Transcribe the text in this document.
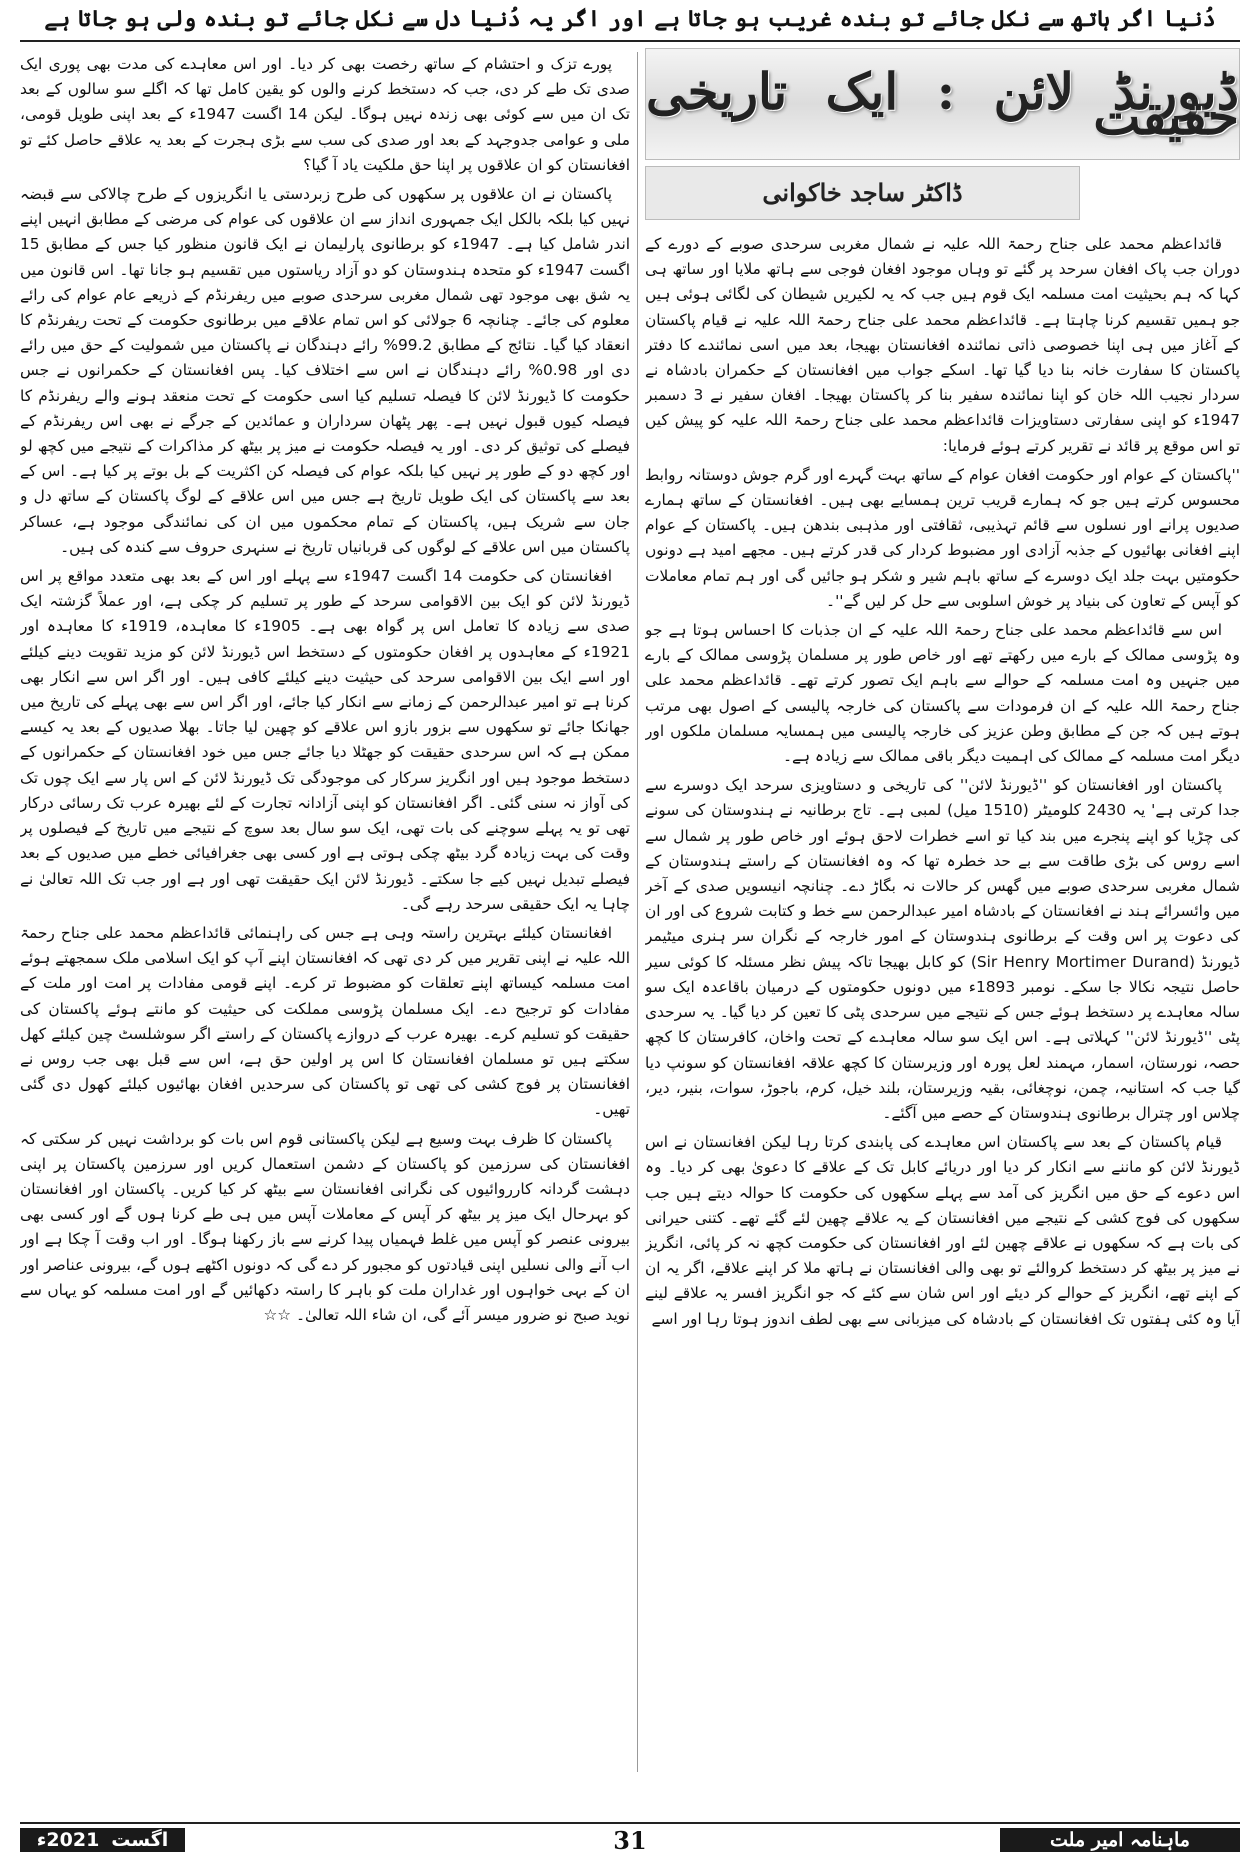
دُنیا اگر ہاتھ سے نکل جائے تو بندہ غریب ہو جاتا ہے اور اگر یہ دُنیا دل سے نکل جائے تو بندہ ولی ہو جاتا ہے
ڈیورنڈ لائن : ایک تاریخی حقیقت
ڈاکٹر ساجد خاکوانی

قائداعظم محمد علی جناح رحمۃ اللہ علیہ نے شمال مغربی سرحدی صوبے کے دورے کے دوران جب پاک افغان سرحد پر گئے تو وہاں موجود افغان فوجی سے ہاتھ ملایا اور ساتھ ہی کہا کہ ہم بحیثیت امت مسلمہ ایک قوم ہیں جب کہ یہ لکیریں شیطان کی لگائی ہوئی ہیں جو ہمیں تقسیم کرنا چاہتا ہے۔ قائداعظم محمد علی جناح رحمۃ اللہ علیہ نے قیام پاکستان کے آغاز میں ہی اپنا خصوصی ذاتی نمائندہ افغانستان بھیجا، بعد میں اسی نمائندے کا دفتر پاکستان کا سفارت خانہ بنا دیا گیا تھا۔ اسکے جواب میں افغانستان کے حکمران بادشاہ نے سردار نجیب اللہ خان کو اپنا نمائندہ سفیر بنا کر پاکستان بھیجا۔ افغان سفیر نے 3 دسمبر 1947ء کو اپنی سفارتی دستاویزات قائداعظم محمد علی جناح رحمۃ اللہ علیہ کو پیش کیں تو اس موقع پر قائد نے تقریر کرتے ہوئے فرمایا:

''پاکستان کے عوام اور حکومت افغان عوام کے ساتھ بہت گہرے اور گرم جوش دوستانہ روابط محسوس کرتے ہیں جو کہ ہمارے قریب ترین ہمسایے بھی ہیں۔ افغانستان کے ساتھ ہمارے صدیوں پرانے اور نسلوں سے قائم تہذیبی، ثقافتی اور مذہبی بندھن ہیں۔ پاکستان کے عوام اپنے افغانی بھائیوں کے جذبہ آزادی اور مضبوط کردار کی قدر کرتے ہیں۔ مجھے امید ہے دونوں حکومتیں بہت جلد ایک دوسرے کے ساتھ باہم شیر و شکر ہو جائیں گی اور ہم تمام معاملات کو آپس کے تعاون کی بنیاد پر خوش اسلوبی سے حل کر لیں گے''۔

اس سے قائداعظم محمد علی جناح رحمۃ اللہ علیہ کے ان جذبات کا احساس ہوتا ہے جو وہ پڑوسی ممالک کے بارے میں رکھتے تھے اور خاص طور پر مسلمان پڑوسی ممالک کے بارے میں جنہیں وہ امت مسلمہ کے حوالے سے باہم ایک تصور کرتے تھے۔ قائداعظم محمد علی جناح رحمۃ اللہ علیہ کے ان فرمودات سے پاکستان کی خارجہ پالیسی کے اصول بھی مرتب ہوتے ہیں کہ جن کے مطابق وطن عزیز کی خارجہ پالیسی میں ہمسایہ مسلمان ملکوں اور دیگر امت مسلمہ کے ممالک کی اہمیت دیگر باقی ممالک سے زیادہ ہے۔

پاکستان اور افغانستان کو ''ڈیورنڈ لائن'' کی تاریخی و دستاویزی سرحد ایک دوسرے سے جدا کرتی ہے' یہ 2430 کلومیٹر (1510 میل) لمبی ہے۔ تاج برطانیہ نے ہندوستان کی سونے کی چڑیا کو اپنے پنجرے میں بند کیا تو اسے خطرات لاحق ہوئے اور خاص طور پر شمال سے اسے روس کی بڑی طاقت سے بے حد خطرہ تھا کہ وہ افغانستان کے راستے ہندوستان کے شمال مغربی سرحدی صوبے میں گھس کر حالات نہ بگاڑ دے۔ چنانچہ انیسویں صدی کے آخر میں وائسرائے ہند نے افغانستان کے بادشاہ امیر عبدالرحمن سے خط و کتابت شروع کی اور ان کی دعوت پر اس وقت کے برطانوی ہندوستان کے امور خارجہ کے نگران سر ہنری میٹیمر ڈیورنڈ (Sir Henry Mortimer Durand) کو کابل بھیجا تاکہ پیش نظر مسئلہ کا کوئی سیر حاصل نتیجہ نکالا جا سکے۔ نومبر 1893ء میں دونوں حکومتوں کے درمیان باقاعدہ ایک سو سالہ معاہدے پر دستخط ہوئے جس کے نتیجے میں سرحدی پٹی کا تعین کر دیا گیا۔ یہ سرحدی پٹی ''ڈیورنڈ لائن'' کہلاتی ہے۔ اس ایک سو سالہ معاہدے کے تحت واخان، کافرستان کا کچھ حصہ، نورستان، اسمار، مہمند لعل پورہ اور وزیرستان کا کچھ علاقہ افغانستان کو سونپ دیا گیا جب کہ استانیہ، چمن، نوچغائی، بقیہ وزیرستان، بلند خیل، کرم، باجوڑ، سوات، بنیر، دیر، چلاس اور چترال برطانوی ہندوستان کے حصے میں آگئے۔

قیام پاکستان کے بعد سے پاکستان اس معاہدے کی پابندی کرتا رہا لیکن افغانستان نے اس ڈیورنڈ لائن کو ماننے سے انکار کر دیا اور دریائے کابل تک کے علاقے کا دعویٰ بھی کر دیا۔ وہ اس دعوے کے حق میں انگریز کی آمد سے پہلے سکھوں کی حکومت کا حوالہ دیتے ہیں جب سکھوں کی فوج کشی کے نتیجے میں افغانستان کے یہ علاقے چھین لئے گئے تھے۔ کتنی حیرانی کی بات ہے کہ سکھوں نے علاقے چھین لئے اور افغانستان کی حکومت کچھ نہ کر پائی، انگریز نے میز پر بیٹھ کر دستخط کروالئے تو بھی والی افغانستان نے ہاتھ ملا کر اپنے علاقے، اگر یہ ان کے اپنے تھے، انگریز کے حوالے کر دیئے اور اس شان سے کئے کہ جو انگریز افسر یہ علاقے لینے آیا وہ کئی ہفتوں تک افغانستان کے بادشاہ کی میزبانی سے بھی لطف اندوز ہوتا رہا اور اسے

پورے تزک و احتشام کے ساتھ رخصت بھی کر دیا۔ اور اس معاہدے کی مدت بھی پوری ایک صدی تک طے کر دی، جب کہ دستخط کرنے والوں کو یقین کامل تھا کہ اگلے سو سالوں کے بعد تک ان میں سے کوئی بھی زندہ نہیں ہوگا۔ لیکن 14 اگست 1947ء کے بعد اپنی طویل قومی، ملی و عوامی جدوجہد کے بعد اور صدی کی سب سے بڑی ہجرت کے بعد یہ علاقے حاصل کئے تو افغانستان کو ان علاقوں پر اپنا حق ملکیت یاد آ گیا؟

پاکستان نے ان علاقوں پر سکھوں کی طرح زبردستی یا انگریزوں کے طرح چالاکی سے قبضہ نہیں کیا بلکہ بالکل ایک جمہوری انداز سے ان علاقوں کی عوام کی مرضی کے مطابق انہیں اپنے اندر شامل کیا ہے۔ 1947ء کو برطانوی پارلیمان نے ایک قانون منظور کیا جس کے مطابق 15 اگست 1947ء کو متحدہ ہندوستان کو دو آزاد ریاستوں میں تقسیم ہو جانا تھا۔ اس قانون میں یہ شق بھی موجود تھی شمال مغربی سرحدی صوبے میں ریفرنڈم کے ذریعے عام عوام کی رائے معلوم کی جائے۔ چنانچہ 6 جولائی کو اس تمام علاقے میں برطانوی حکومت کے تحت ریفرنڈم کا انعقاد کیا گیا۔ نتائج کے مطابق 99.2% رائے دہندگان نے پاکستان میں شمولیت کے حق میں رائے دی اور 0.98% رائے دہندگان نے اس سے اختلاف کیا۔ پس افغانستان کے حکمرانوں نے جس حکومت کا ڈیورنڈ لائن کا فیصلہ تسلیم کیا اسی حکومت کے تحت منعقد ہونے والے ریفرنڈم کا فیصلہ کیوں قبول نہیں ہے۔ پھر پٹھان سرداران و عمائدین کے جرگے نے بھی اس ریفرنڈم کے فیصلے کی توثیق کر دی۔ اور یہ فیصلہ حکومت نے میز پر بیٹھ کر مذاکرات کے نتیجے میں کچھ لو اور کچھ دو کے طور پر نہیں کیا بلکہ عوام کی فیصلہ کن اکثریت کے بل بوتے پر کیا ہے۔ اس کے بعد سے پاکستان کی ایک طویل تاریخ ہے جس میں اس علاقے کے لوگ پاکستان کے ساتھ دل و جان سے شریک ہیں، پاکستان کے تمام محکموں میں ان کی نمائندگی موجود ہے، عساکر پاکستان میں اس علاقے کے لوگوں کی قربانیاں تاریخ نے سنہری حروف سے کندہ کی ہیں۔

افغانستان کی حکومت 14 اگست 1947ء سے پہلے اور اس کے بعد بھی متعدد مواقع پر اس ڈیورنڈ لائن کو ایک بین الاقوامی سرحد کے طور پر تسلیم کر چکی ہے، اور عملاً گزشتہ ایک صدی سے زیادہ کا تعامل اس پر گواہ بھی ہے۔ 1905ء کا معاہدہ، 1919ء کا معاہدہ اور 1921ء کے معاہدوں پر افغان حکومتوں کے دستخط اس ڈیورنڈ لائن کو مزید تقویت دینے کیلئے اور اسے ایک بین الاقوامی سرحد کی حیثیت دینے کیلئے کافی ہیں۔ اور اگر اس سے انکار بھی کرنا ہے تو امیر عبدالرحمن کے زمانے سے انکار کیا جائے، اور اگر اس سے بھی پہلے کی تاریخ میں جھانکا جائے تو سکھوں سے بزور بازو اس علاقے کو چھین لیا جاتا۔ بھلا صدیوں کے بعد یہ کیسے ممکن ہے کہ اس سرحدی حقیقت کو جھٹلا دیا جائے جس میں خود افغانستان کے حکمرانوں کے دستخط موجود ہیں اور انگریز سرکار کی موجودگی تک ڈیورنڈ لائن کے اس پار سے ایک چوں تک کی آواز نہ سنی گئی۔ اگر افغانستان کو اپنی آزادانہ تجارت کے لئے بھیرہ عرب تک رسائی درکار تھی تو یہ پہلے سوچنے کی بات تھی، ایک سو سال بعد سوچ کے نتیجے میں تاریخ کے فیصلوں پر وقت کی بہت زیادہ گرد بیٹھ چکی ہوتی ہے اور کسی بھی جغرافیائی خطے میں صدیوں کے بعد فیصلے تبدیل نہیں کیے جا سکتے۔ ڈیورنڈ لائن ایک حقیقت تھی اور ہے اور جب تک اللہ تعالیٰ نے چاہا یہ ایک حقیقی سرحد رہے گی۔

افغانستان کیلئے بہترین راستہ وہی ہے جس کی راہنمائی قائداعظم محمد علی جناح رحمۃ اللہ علیہ نے اپنی تقریر میں کر دی تھی کہ افغانستان اپنے آپ کو ایک اسلامی ملک سمجھتے ہوئے امت مسلمہ کیساتھ اپنے تعلقات کو مضبوط تر کرے۔ اپنے قومی مفادات پر امت اور ملت کے مفادات کو ترجیح دے۔ ایک مسلمان پڑوسی مملکت کی حیثیت کو مانتے ہوئے پاکستان کی حقیقت کو تسلیم کرے۔ بھیرہ عرب کے دروازے پاکستان کے راستے اگر سوشلسٹ چین کیلئے کھل سکتے ہیں تو مسلمان افغانستان کا اس پر اولین حق ہے، اس سے قبل بھی جب روس نے افغانستان پر فوج کشی کی تھی تو پاکستان کی سرحدیں افغان بھائیوں کیلئے کھول دی گئی تھیں۔

پاکستان کا ظرف بہت وسیع ہے لیکن پاکستانی قوم اس بات کو برداشت نہیں کر سکتی کہ افغانستان کی سرزمین کو پاکستان کے دشمن استعمال کریں اور سرزمین پاکستان پر اپنی دہشت گردانہ کارروائیوں کی نگرانی افغانستان سے بیٹھ کر کیا کریں۔ پاکستان اور افغانستان کو بہرحال ایک میز پر بیٹھ کر آپس کے معاملات آپس میں ہی طے کرنا ہوں گے اور کسی بھی بیرونی عنصر کو آپس میں غلط فہمیاں پیدا کرنے سے باز رکھنا ہوگا۔ اور اب وقت آ چکا ہے اور اب آنے والی نسلیں اپنی قیادتوں کو مجبور کر دے گی کہ دونوں اکٹھے ہوں گے، بیرونی عناصر اور ان کے بہی خواہوں اور غداران ملت کو باہر کا راستہ دکھائیں گے اور امت مسلمہ کو یہاں سے نوید صبح نو ضرور میسر آئے گی، ان شاء اللہ تعالیٰ۔ ☆☆

اگست
2021ء	31	ماہنامہ امیر ملت
